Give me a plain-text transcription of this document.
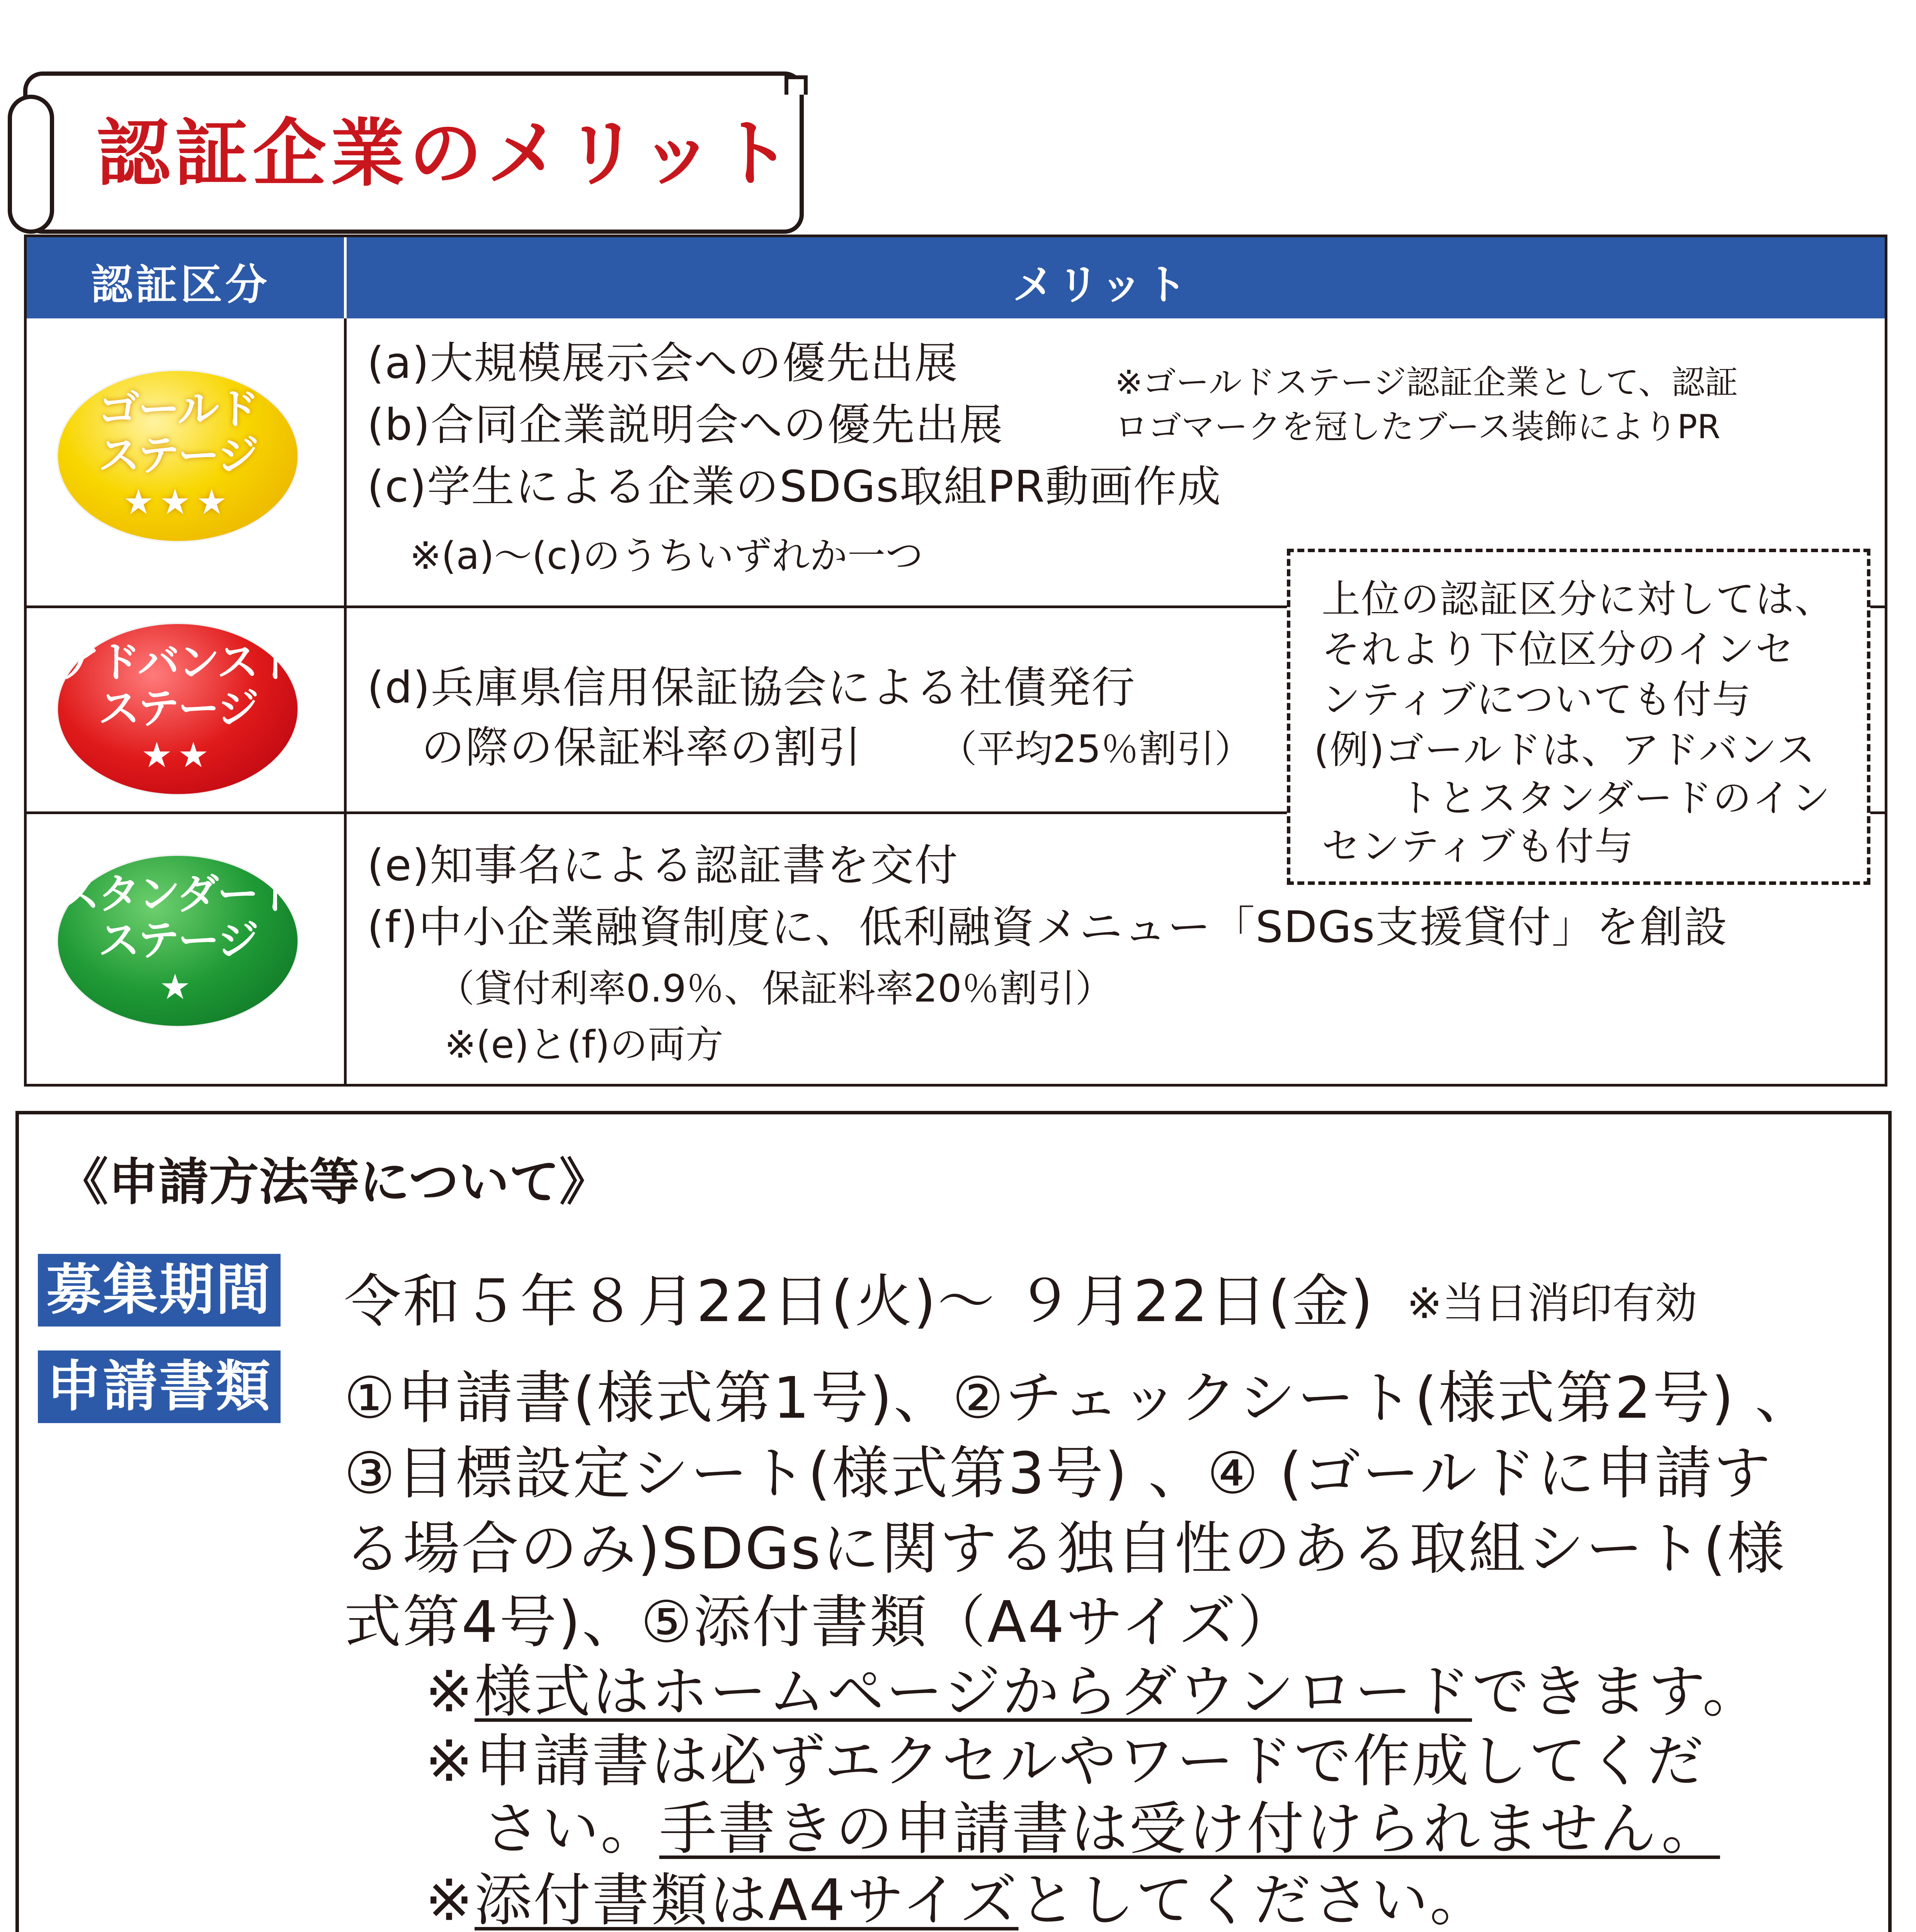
認証企業のメリット
認証区分	メリット
ゴールド
ステージ
★★★
(a)大規模展示会への優先出展
(b)合同企業説明会への優先出展
(c)学生による企業のSDGs取組PR動画作成
※(a)〜(c)のうちいずれか一つ
※ゴールドステージ認証企業として、認証
ロゴマークを冠したブース装飾によりPR
アドバンスト
ステージ
★★
(d)兵庫県信用保証協会による社債発行
の際の保証料率の割引 （平均25％割引）
スタンダード
ステージ
★
(e)知事名による認証書を交付
(f)中小企業融資制度に、低利融資メニュー「SDGs支援貸付」を創設
（貸付利率0.9％、保証料率20％割引）
※(e)と(f)の両方
上位の認証区分に対しては、
それより下位区分のインセ
ンティブについても付与
(例)ゴールドは、アドバンス
トとスタンダードのイン
センティブも付与
《申請方法等について》
募集期間 令和５年８月22日(火)〜 ９月22日(金) ※当日消印有効
申請書類 ①申請書(様式第1号)、②チェックシート(様式第2号) 、
③目標設定シート(様式第3号) 、④ (ゴールドに申請す
る場合のみ)SDGsに関する独自性のある取組シート(様
式第4号)、⑤添付書類（A4サイズ）
※様式はホームページからダウンロードできます。
※申請書は必ずエクセルやワードで作成してくだ
さい。手書きの申請書は受け付けられません。
※添付書類はA4サイズとしてください。
